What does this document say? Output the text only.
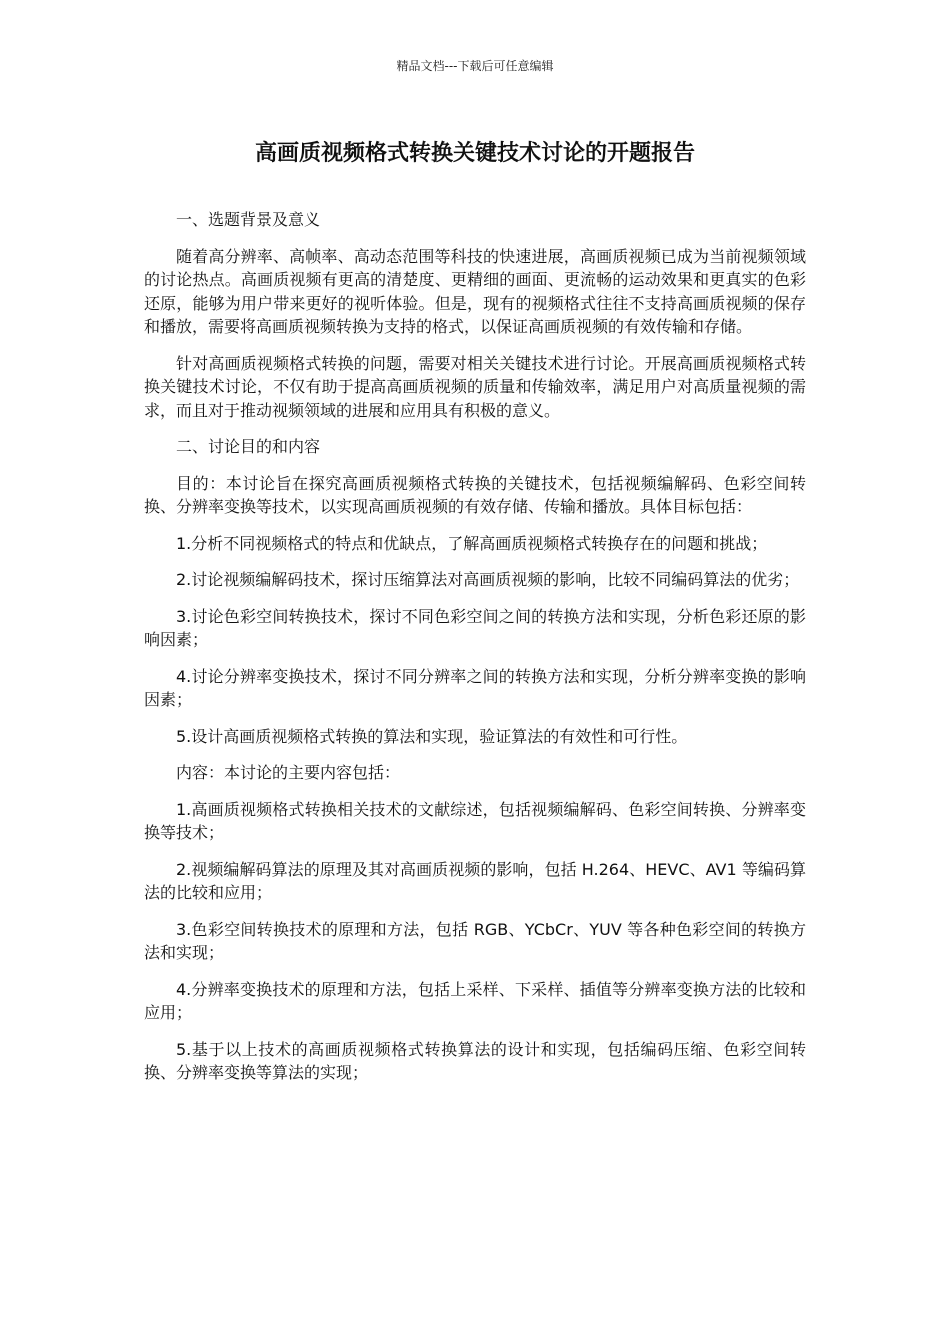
精品文档---下载后可任意编辑
高画质视频格式转换关键技术讨论的开题报告

一、选题背景及意义

随着高分辨率、高帧率、高动态范围等科技的快速进展，高画质视频已成为当前视频领域的讨论热点。高画质视频有更高的清楚度、更精细的画面、更流畅的运动效果和更真实的色彩还原，能够为用户带来更好的视听体验。但是，现有的视频格式往往不支持高画质视频的保存和播放，需要将高画质视频转换为支持的格式，以保证高画质视频的有效传输和存储。

针对高画质视频格式转换的问题，需要对相关关键技术进行讨论。开展高画质视频格式转换关键技术讨论，不仅有助于提高高画质视频的质量和传输效率，满足用户对高质量视频的需求，而且对于推动视频领域的进展和应用具有积极的意义。

二、讨论目的和内容

目的：本讨论旨在探究高画质视频格式转换的关键技术，包括视频编解码、色彩空间转换、分辨率变换等技术，以实现高画质视频的有效存储、传输和播放。具体目标包括：

1.分析不同视频格式的特点和优缺点，了解高画质视频格式转换存在的问题和挑战；

2.讨论视频编解码技术，探讨压缩算法对高画质视频的影响，比较不同编码算法的优劣；

3.讨论色彩空间转换技术，探讨不同色彩空间之间的转换方法和实现，分析色彩还原的影响因素；

4.讨论分辨率变换技术，探讨不同分辨率之间的转换方法和实现，分析分辨率变换的影响因素；

5.设计高画质视频格式转换的算法和实现，验证算法的有效性和可行性。

内容：本讨论的主要内容包括：

1.高画质视频格式转换相关技术的文献综述，包括视频编解码、色彩空间转换、分辨率变换等技术；

2.视频编解码算法的原理及其对高画质视频的影响，包括 H.264、HEVC、AV1 等编码算法的比较和应用；

3.色彩空间转换技术的原理和方法，包括 RGB、YCbCr、YUV 等各种色彩空间的转换方法和实现；

4.分辨率变换技术的原理和方法，包括上采样、下采样、插值等分辨率变换方法的比较和应用；

5.基于以上技术的高画质视频格式转换算法的设计和实现，包括编码压缩、色彩空间转换、分辨率变换等算法的实现；
